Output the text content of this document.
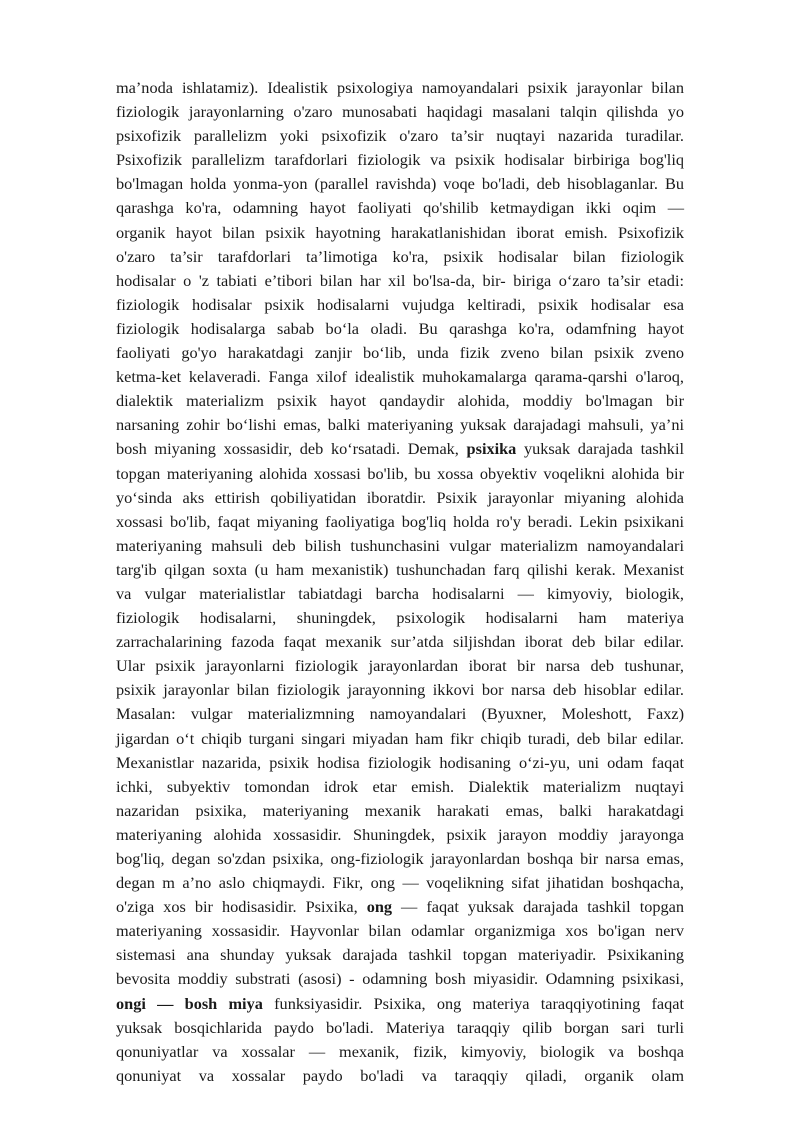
ma’noda ishlatamiz). Idealistik psixologiya namoyandalari psixik jarayonlar bilan
fiziologik jarayonlarning o'zaro munosabati haqidagi masalani talqin qilishda yo
psixofizik parallelizm yoki psixofizik o'zaro ta’sir nuqtayi nazarida turadilar.
Psixofizik parallelizm tarafdorlari fiziologik va psixik hodisalar birbiriga bog'liq
bo'lmagan holda yonma-yon (parallel ravishda) voqe bo'ladi, deb hisoblaganlar. Bu
qarashga ko'ra, odamning hayot faoliyati qo'shilib ketmaydigan ikki oqim —
organik hayot bilan psixik hayotning harakatlanishidan iborat emish. Psixofizik
o'zaro ta’sir tarafdorlari ta’limotiga ko'ra, psixik hodisalar bilan fiziologik
hodisalar o 'z tabiati e’tibori bilan har xil bo'lsa-da, bir- biriga o‘zaro ta’sir etadi:
fiziologik hodisalar psixik hodisalarni vujudga keltiradi, psixik hodisalar esa
fiziologik hodisalarga sabab bo‘la oladi. Bu qarashga ko'ra, odamfning hayot
faoliyati go'yo harakatdagi zanjir bo‘lib, unda fizik zveno bilan psixik zveno
ketma-ket kelaveradi. Fanga xilof idealistik muhokamalarga qarama-qarshi o'laroq,
dialektik materializm psixik hayot qandaydir alohida, moddiy bo'lmagan bir
narsaning zohir bo‘lishi emas, balki materiyaning yuksak darajadagi mahsuli, ya’ni
bosh miyaning xossasidir, deb ko‘rsatadi. Demak, psixika yuksak darajada tashkil
topgan materiyaning alohida xossasi bo'lib, bu xossa obyektiv voqelikni alohida bir
yo‘sinda aks ettirish qobiliyatidan iboratdir. Psixik jarayonlar miyaning alohida
xossasi bo'lib, faqat miyaning faoliyatiga bog'liq holda ro'y beradi. Lekin psixikani
materiyaning mahsuli deb bilish tushunchasini vulgar materializm namoyandalari
targ'ib qilgan soxta (u ham mexanistik) tushunchadan farq qilishi kerak. Mexanist
va vulgar materialistlar tabiatdagi barcha hodisalarni — kimyoviy, biologik,
fiziologik hodisalarni, shuningdek, psixologik hodisalarni ham materiya
zarrachalarining fazoda faqat mexanik sur’atda siljishdan iborat deb bilar edilar.
Ular psixik jarayonlarni fiziologik jarayonlardan iborat bir narsa deb tushunar,
psixik jarayonlar bilan fiziologik jarayonning ikkovi bor narsa deb hisoblar edilar.
Masalan: vulgar materializmning namoyandalari (Byuxner, Moleshott, Faxz)
jigardan o‘t chiqib turgani singari miyadan ham fikr chiqib turadi, deb bilar edilar.
Mexanistlar nazarida, psixik hodisa fiziologik hodisaning o‘zi-yu, uni odam faqat
ichki, subyektiv tomondan idrok etar emish. Dialektik materializm nuqtayi
nazaridan psixika, materiyaning mexanik harakati emas, balki harakatdagi
materiyaning alohida xossasidir. Shuningdek, psixik jarayon moddiy jarayonga
bog'liq, degan so'zdan psixika, ong-fiziologik jarayonlardan boshqa bir narsa emas,
degan m a’no aslo chiqmaydi. Fikr, ong — voqelikning sifat jihatidan boshqacha,
o'ziga xos bir hodisasidir. Psixika, ong — faqat yuksak darajada tashkil topgan
materiyaning xossasidir. Hayvonlar bilan odamlar organizmiga xos bo'igan nerv
sistemasi ana shunday yuksak darajada tashkil topgan materiyadir. Psixikaning
bevosita moddiy substrati (asosi) - odamning bosh miyasidir. Odamning psixikasi,
ongi — bosh miya funksiyasidir. Psixika, ong materiya taraqqiyotining faqat
yuksak bosqichlarida paydo bo'ladi. Materiya taraqqiy qilib borgan sari turli
qonuniyatlar va xossalar — mexanik, fizik, kimyoviy, biologik va boshqa
qonuniyat va xossalar paydo bo'ladi va taraqqiy qiladi, organik olam
